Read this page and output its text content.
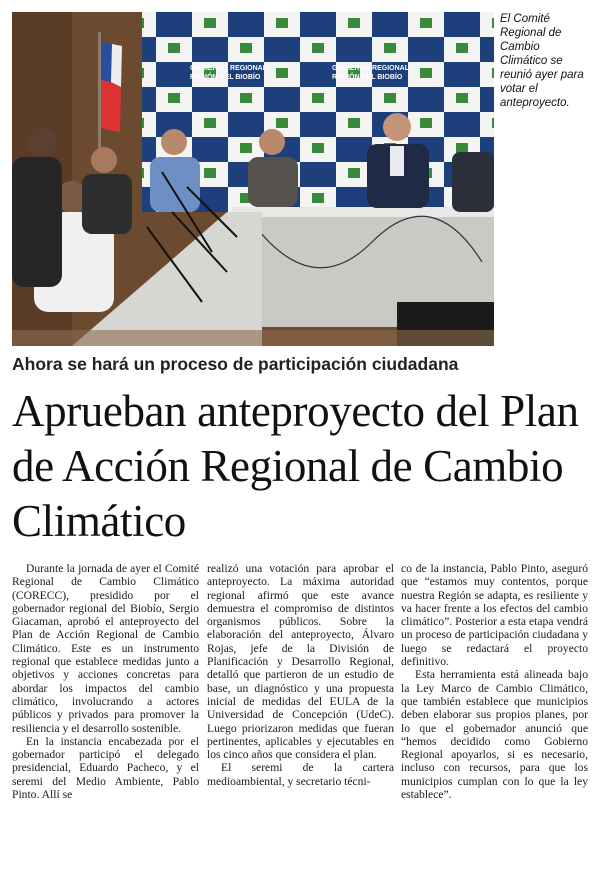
GOBIERNO REGIONAL
REGIÓN DEL BIOBÍO
GOBIERNO REGIONAL
REGIÓN DEL BIOBÍO
El Comité Regional de Cambio Climático se reunió ayer para votar el anteproyecto.
Ahora se hará un proceso de participación ciudadana
Aprueban anteproyecto del Plan de Acción Regional de Cambio Climático

Durante la jornada de ayer el Comité Regional de Cambio Climático (CORECC), presidido por el gobernador regional del Biobío, Sergio Giacaman, aprobó el anteproyecto del Plan de Acción Regional de Cambio Climático. Este es un instrumento regional que establece medidas junto a objetivos y acciones concretas para abordar los impactos del cambio climático, involucrando a actores públicos y privados para promover la resiliencia y el desarrollo sostenible.

En la instancia encabezada por el gobernador participó el delegado presidencial, Eduardo Pacheco, y el seremi del Medio Ambiente, Pablo Pinto. Allí se

realizó una votación para aprobar el anteproyecto. La máxima autoridad regional afirmó que este avance demuestra el compromiso de distintos organismos públicos. Sobre la elaboración del anteproyecto, Álvaro Rojas, jefe de la División de Planificación y Desarrollo Regional, detalló que partieron de un estudio de base, un diagnóstico y una propuesta inicial de medidas del EULA de la Universidad de Concepción (UdeC). Luego priorizaron medidas que fueran pertinentes, aplicables y ejecutables en los cinco años que considera el plan.

El seremi de la cartera medioambiental, y secretario técni-

co de la instancia, Pablo Pinto, aseguró que “estamos muy contentos, porque nuestra Región se adapta, es resiliente y va hacer frente a los efectos del cambio climático”. Posterior a esta etapa vendrá un proceso de participación ciudadana y luego se redactará el proyecto definitivo.

Esta herramienta está alineada bajo la Ley Marco de Cambio Climático, que también establece que municipios deben elaborar sus propios planes, por lo que el gobernador anunció que “hemos decidido como Gobierno Regional apoyarlos, si es necesario, incluso con recursos, para que los municipios cumplan con lo que la ley establece”.
